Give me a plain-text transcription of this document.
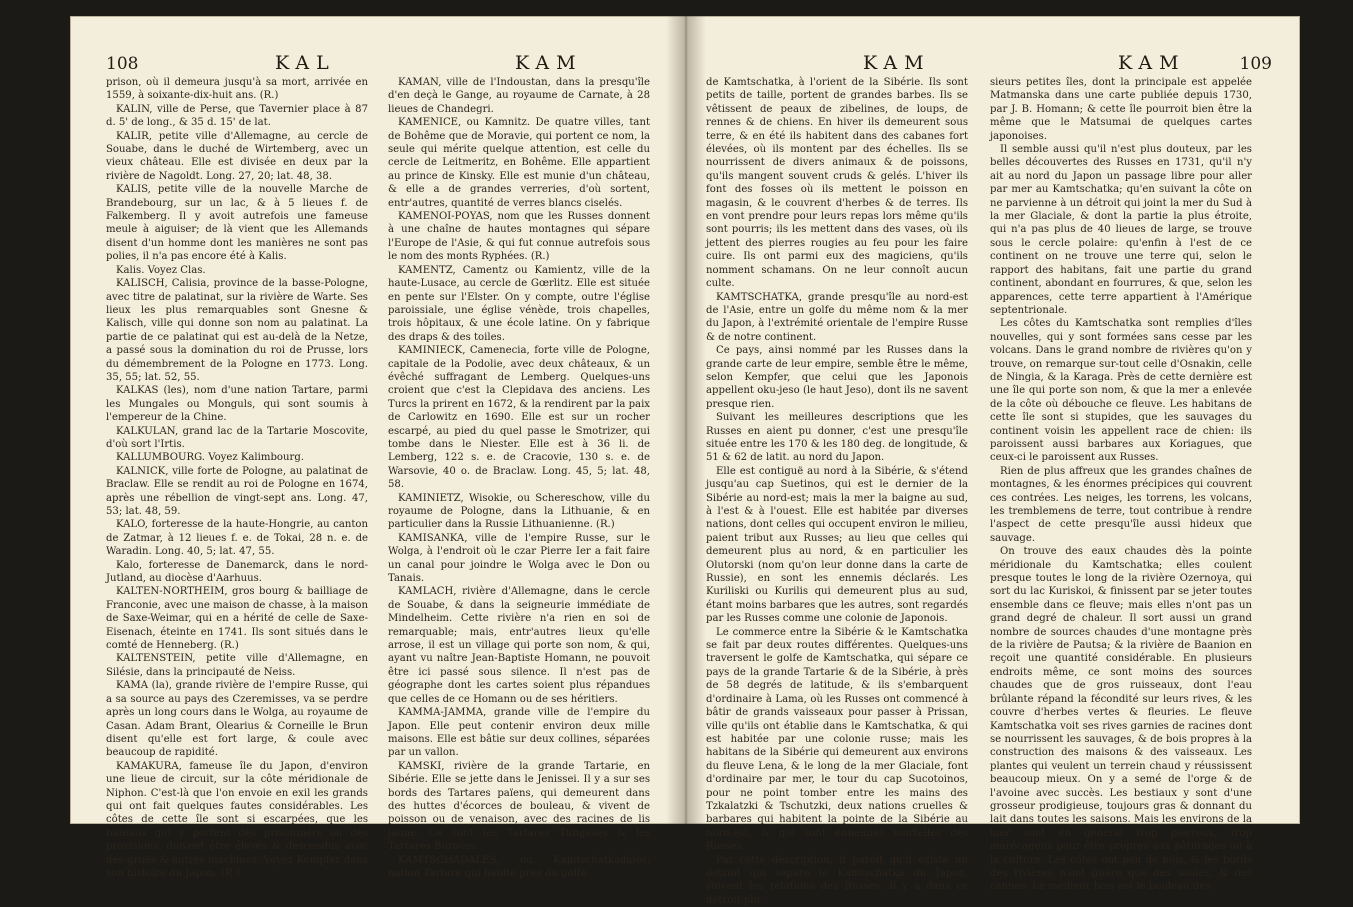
108	KAL	KAM

prison, où il demeura jusqu'à sa mort, arrivée en 1559, à soixante-dix-huit ans. (R.)

KALIN, ville de Perse, que Tavernier place à 87 d. 5' de long., & 35 d. 15' de lat.

KALIR, petite ville d'Allemagne, au cercle de Souabe, dans le duché de Wirtemberg, avec un vieux château. Elle est divisée en deux par la rivière de Nagoldt. Long. 27, 20; lat. 48, 38.

KALIS, petite ville de la nouvelle Marche de Brandebourg, sur un lac, & à 5 lieues f. de Falkemberg. Il y avoit autrefois une fameuse meule à aiguiser; de là vient que les Allemands disent d'un homme dont les manières ne sont pas polies, il n'a pas encore été à Kalis.

Kalis. Voyez Clas.

KALISCH, Calisia, province de la basse-Pologne, avec titre de palatinat, sur la rivière de Warte. Ses lieux les plus remarquables sont Gnesne & Kalisch, ville qui donne son nom au palatinat. La partie de ce palatinat qui est au-delà de la Netze, a passé sous la domination du roi de Prusse, lors du démembrement de la Pologne en 1773. Long. 35, 55; lat. 52, 55.

KALKAS (les), nom d'une nation Tartare, parmi les Mungales ou Monguls, qui sont soumis à l'empereur de la Chine.

KALKULAN, grand lac de la Tartarie Moscovite, d'où sort l'Irtis.

KALLUMBOURG. Voyez Kalimbourg.

KALNICK, ville forte de Pologne, au palatinat de Braclaw. Elle se rendit au roi de Pologne en 1674, après une rébellion de vingt-sept ans. Long. 47, 53; lat. 48, 59.

KALO, forteresse de la haute-Hongrie, au canton de Zatmar, à 12 lieues f. e. de Tokai, 28 n. e. de Waradin. Long. 40, 5; lat. 47, 55.

Kalo, forteresse de Danemarck, dans le nord-Jutland, au diocèse d'Aarhuus.

KALTEN-NORTHEIM, gros bourg & bailliage de Franconie, avec une maison de chasse, à la maison de Saxe-Weimar, qui en a hérité de celle de Saxe-Eisenach, éteinte en 1741. Ils sont situés dans le comté de Henneberg. (R.)

KALTENSTEIN, petite ville d'Allemagne, en Silésie, dans la principauté de Neiss.

KAMA (la), grande rivière de l'empire Russe, qui a sa source au pays des Czeremisses, va se perdre après un long cours dans le Wolga, au royaume de Casan. Adam Brant, Olearius & Corneille le Brun disent qu'elle est fort large, & coule avec beaucoup de rapidité.

KAMAKURA, fameuse île du Japon, d'environ une lieue de circuit, sur la côte méridionale de Niphon. C'est-là que l'on envoie en exil les grands qui ont fait quelques fautes considérables. Les côtes de cette île sont si escarpées, que les bateaux qui y portent des prisonniers ou des provisions, doivent être élevés & descendus avec des grues & autres machines. Voyez Kempfer dans son histoire du Japon. (R.)

KAMAN, ville de l'Indoustan, dans la presqu'île d'en deçà le Gange, au royaume de Carnate, à 28 lieues de Chandegri.

KAMENICE, ou Kamnitz. De quatre villes, tant de Bohême que de Moravie, qui portent ce nom, la seule qui mérite quelque attention, est celle du cercle de Leitmeritz, en Bohême. Elle appartient au prince de Kinsky. Elle est munie d'un château, & elle a de grandes verreries, d'où sortent, entr'autres, quantité de verres blancs ciselés.

KAMENOI-POYAS, nom que les Russes donnent à une chaîne de hautes montagnes qui sépare l'Europe de l'Asie, & qui fut connue autrefois sous le nom des monts Ryphées. (R.)

KAMENTZ, Camentz ou Kamientz, ville de la haute-Lusace, au cercle de Gœrlitz. Elle est située en pente sur l'Elster. On y compte, outre l'église paroissiale, une église vénède, trois chapelles, trois hôpitaux, & une école latine. On y fabrique des draps & des toiles.

KAMINIECK, Camenecia, forte ville de Pologne, capitale de la Podolie, avec deux châteaux, & un évêché suffragant de Lemberg. Quelques-uns croient que c'est la Clepidava des anciens. Les Turcs la prirent en 1672, & la rendirent par la paix de Carlowitz en 1690. Elle est sur un rocher escarpé, au pied du quel passe le Smotrizer, qui tombe dans le Niester. Elle est à 36 li. de Lemberg, 122 s. e. de Cracovie, 130 s. e. de Warsovie, 40 o. de Braclaw. Long. 45, 5; lat. 48, 58.

KAMINIETZ, Wisokie, ou Schereschow, ville du royaume de Pologne, dans la Lithuanie, & en particulier dans la Russie Lithuanienne. (R.)

KAMISANKA, ville de l'empire Russe, sur le Wolga, à l'endroit où le czar Pierre Ier a fait faire un canal pour joindre le Wolga avec le Don ou Tanais.

KAMLACH, rivière d'Allemagne, dans le cercle de Souabe, & dans la seigneurie immédiate de Mindelheim. Cette rivière n'a rien en soi de remarquable; mais, entr'autres lieux qu'elle arrose, il est un village qui porte son nom, & qui, ayant vu naître Jean-Baptiste Homann, ne pouvoit être ici passé sous silence. Il n'est pas de géographe dont les cartes soient plus répandues que celles de ce Homann ou de ses héritiers.

KAMMA-JAMMA, grande ville de l'empire du Japon. Elle peut contenir environ deux mille maisons. Elle est bâtie sur deux collines, séparées par un vallon.

KAMSKI, rivière de la grande Tartarie, en Sibérie. Elle se jette dans le Jenissei. Il y a sur ses bords des Tartares païens, qui demeurent dans des huttes d'écorces de bouleau, & vivent de poisson ou de venaison, avec des racines de lis jaune. Ce sont les Tartares Tungeses & les Tartares Buraces.

KAMTSCHADALES, ou Kamtschatkadales, nation Tartare qui habite près du golfe

KAM	KAM	109

de Kamtschatka, à l'orient de la Sibérie. Ils sont petits de taille, portent de grandes barbes. Ils se vêtissent de peaux de zibelines, de loups, de rennes & de chiens. En hiver ils demeurent sous terre, & en été ils habitent dans des cabanes fort élevées, où ils montent par des échelles. Ils se nourrissent de divers animaux & de poissons, qu'ils mangent souvent cruds & gelés. L'hiver ils font des fosses où ils mettent le poisson en magasin, & le couvrent d'herbes & de terres. Ils en vont prendre pour leurs repas lors même qu'ils sont pourris; ils les mettent dans des vases, où ils jettent des pierres rougies au feu pour les faire cuire. Ils ont parmi eux des magiciens, qu'ils nomment schamans. On ne leur connoît aucun culte.

KAMTSCHATKA, grande presqu'île au nord-est de l'Asie, entre un golfe du même nom & la mer du Japon, à l'extrémité orientale de l'empire Russe & de notre continent.

Ce pays, ainsi nommé par les Russes dans la grande carte de leur empire, semble être le même, selon Kempfer, que celui que les Japonois appellent oku-jeso (le haut Jeso), dont ils ne savent presque rien.

Suivant les meilleures descriptions que les Russes en aient pu donner, c'est une presqu'île située entre les 170 & les 180 deg. de longitude, & 51 & 62 de latit. au nord du Japon.

Elle est contiguë au nord à la Sibérie, & s'étend jusqu'au cap Suetinos, qui est le dernier de la Sibérie au nord-est; mais la mer la baigne au sud, à l'est & à l'ouest. Elle est habitée par diverses nations, dont celles qui occupent environ le milieu, paient tribut aux Russes; au lieu que celles qui demeurent plus au nord, & en particulier les Olutorski (nom qu'on leur donne dans la carte de Russie), en sont les ennemis déclarés. Les Kuriliski ou Kurilis qui demeurent plus au sud, étant moins barbares que les autres, sont regardés par les Russes comme une colonie de Japonois.

Le commerce entre la Sibérie & le Kamtschatka se fait par deux routes différentes. Quelques-uns traversent le golfe de Kamtschatka, qui sépare ce pays de la grande Tartarie & de la Sibérie, à près de 58 degrés de latitude, & ils s'embarquent d'ordinaire à Lama, où les Russes ont commencé à bâtir de grands vaisseaux pour passer à Prissan, ville qu'ils ont établie dans le Kamtschatka, & qui est habitée par une colonie russe; mais les habitans de la Sibérie qui demeurent aux environs du fleuve Lena, & le long de la mer Glaciale, font d'ordinaire par mer, le tour du cap Sucotoinos, pour ne point tomber entre les mains des Tzkalatzki & Tschutzki, deux nations cruelles & barbares qui habitent la pointe de la Sibérie au nord-est, & qui sont ennemies mortelles des Russes.

Par cette description, il paroît qu'il existe un détroit qui sépare le Kamtschatka du Japon, suivant les relations des Russes. Il y a dans ce détroit plu-

sieurs petites îles, dont la principale est appelée Matmanska dans une carte publiée depuis 1730, par J. B. Homann; & cette île pourroit bien être la même que le Matsumai de quelques cartes japonoises.

Il semble aussi qu'il n'est plus douteux, par les belles découvertes des Russes en 1731, qu'il n'y ait au nord du Japon un passage libre pour aller par mer au Kamtschatka; qu'en suivant la côte on ne parvienne à un détroit qui joint la mer du Sud à la mer Glaciale, & dont la partie la plus étroite, qui n'a pas plus de 40 lieues de large, se trouve sous le cercle polaire: qu'enfin à l'est de ce continent on ne trouve une terre qui, selon le rapport des habitans, fait une partie du grand continent, abondant en fourrures, & que, selon les apparences, cette terre appartient à l'Amérique septentrionale.

Les côtes du Kamtschatka sont remplies d'îles nouvelles, qui y sont formées sans cesse par les volcans. Dans le grand nombre de rivières qu'on y trouve, on remarque sur-tout celle d'Osnakin, celle de Ningia, & la Karaga. Près de cette dernière est une île qui porte son nom, & que la mer a enlevée de la côte où débouche ce fleuve. Les habitans de cette île sont si stupides, que les sauvages du continent voisin les appellent race de chien: ils paroissent aussi barbares aux Koriagues, que ceux-ci le paroissent aux Russes.

Rien de plus affreux que les grandes chaînes de montagnes, & les énormes précipices qui couvrent ces contrées. Les neiges, les torrens, les volcans, les tremblemens de terre, tout contribue à rendre l'aspect de cette presqu'île aussi hideux que sauvage.

On trouve des eaux chaudes dès la pointe méridionale du Kamtschatka; elles coulent presque toutes le long de la rivière Ozernoya, qui sort du lac Kuriskoi, & finissent par se jeter toutes ensemble dans ce fleuve; mais elles n'ont pas un grand degré de chaleur. Il sort aussi un grand nombre de sources chaudes d'une montagne près de la rivière de Pautsa; & la rivière de Baanion en reçoit une quantité considérable. En plusieurs endroits même, ce sont moins des sources chaudes que de gros ruisseaux, dont l'eau brûlante répand la fécondité sur leurs rives, & les couvre d'herbes vertes & fleuries. Le fleuve Kamtschatka voit ses rives garnies de racines dont se nourrissent les sauvages, & de bois propres à la construction des maisons & des vaisseaux. Les plantes qui veulent un terrein chaud y réussissent beaucoup mieux. On y a semé de l'orge & de l'avoine avec succès. Les bestiaux y sont d'une grosseur prodigieuse, toujours gras & donnant du lait dans toutes les saisons. Mais les environs de la mer sont en général trop pierreux, trop marécageux pour être propres aux pâturages ou à la culture. Les côtes ont peu de bois, & les bords des rivières n'ont guère que des saules, & des cannes. Le meilleur bois est le bouleau des
